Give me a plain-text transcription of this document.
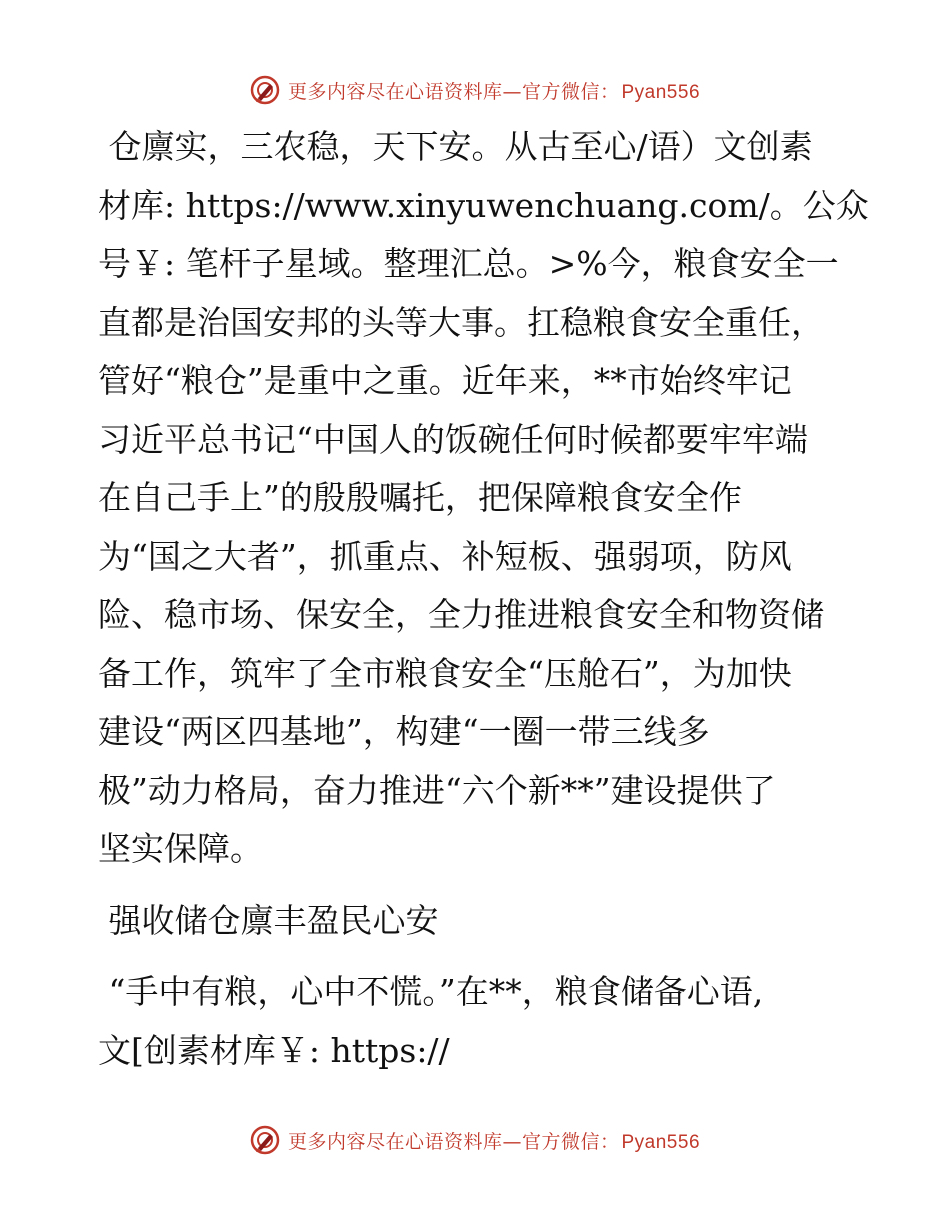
更多内容尽在心语资料库—官方微信： Pyan556

仓廪实，三农稳，天下安。从古至心/语）文创素
材库: https://www.xinyuwenchuang.com/。公众
号￥: 笔杆子星域。整理汇总。>%今，粮食安全一
直都是治国安邦的头等大事。扛稳粮食安全重任，
管好“粮仓”是重中之重。近年来，**市始终牢记
习近平总书记“中国人的饭碗任何时候都要牢牢端
在自己手上”的殷殷嘱托，把保障粮食安全作
为“国之大者”，抓重点、补短板、强弱项，防风
险、稳市场、保安全，全力推进粮食安全和物资储
备工作，筑牢了全市粮食安全“压舱石”，为加快
建设“两区四基地”，构建“一圈一带三线多
极”动力格局，奋力推进“六个新**”建设提供了
坚实保障。

强收储仓廪丰盈民心安

“手中有粮，心中不慌。”在**，粮食储备心语,
文[创素材库￥: https://

更多内容尽在心语资料库—官方微信： Pyan556
